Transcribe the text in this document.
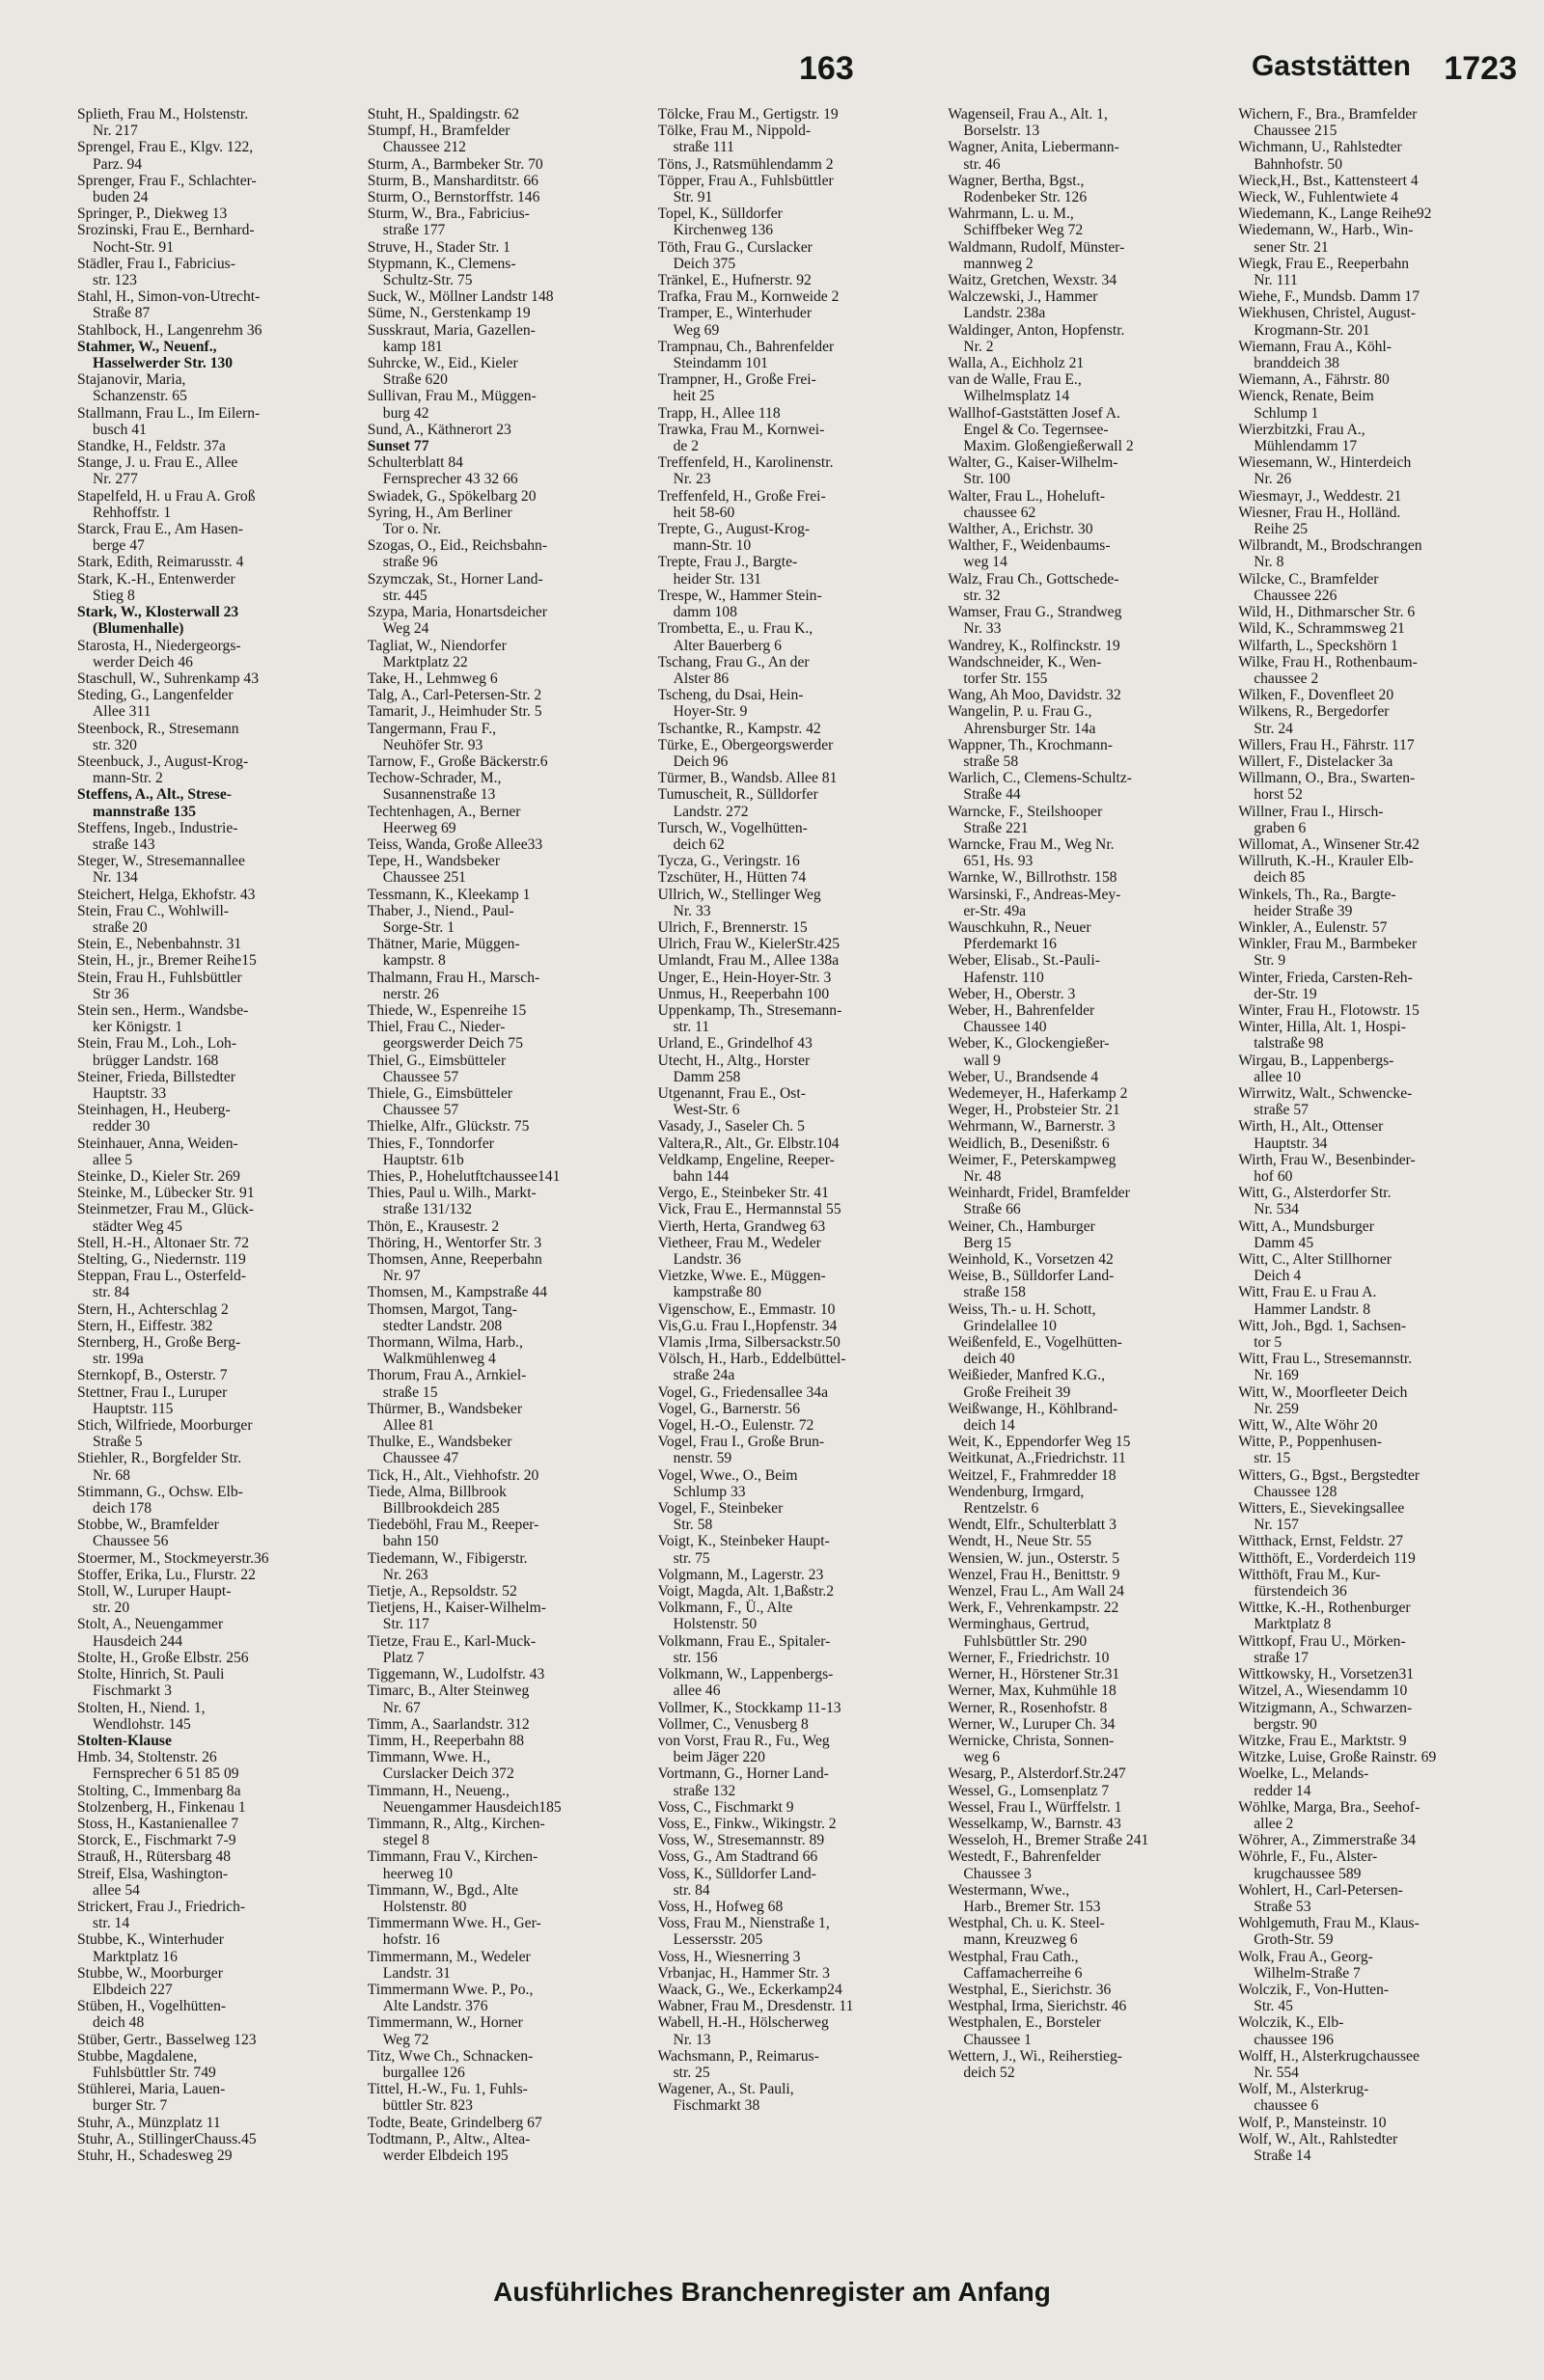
163	Gaststätten 1723
Splieth, Frau M., Holstenstr.
Nr. 217
Sprengel, Frau E., Klgv. 122,
Parz. 94
Sprenger, Frau F., Schlachter-
buden 24
Springer, P., Diekweg 13
Srozinski, Frau E., Bernhard-
Nocht-Str. 91
Städler, Frau I., Fabricius-
str. 123
Stahl, H., Simon-von-Utrecht-
Straße 87
Stahlbock, H., Langenrehm 36
Stahmer, W., Neuenf.,
Hasselwerder Str. 130
Stajanovir, Maria,
Schanzenstr. 65
Stallmann, Frau L., Im Eilern-
busch 41
Standke, H., Feldstr. 37a
Stange, J. u. Frau E., Allee
Nr. 277
Stapelfeld, H. u Frau A. Groß
Rehhoffstr. 1
Starck, Frau E., Am Hasen-
berge 47
Stark, Edith, Reimarusstr. 4
Stark, K.-H., Entenwerder
Stieg 8
Stark, W., Klosterwall 23
(Blumenhalle)
Starosta, H., Niedergeorgs-
werder Deich 46
Staschull, W., Suhrenkamp 43
Steding, G., Langenfelder
Allee 311
Steenbock, R., Stresemann
str. 320
Steenbuck, J., August-Krog-
mann-Str. 2
Steffens, A., Alt., Strese-
mannstraße 135
Steffens, Ingeb., Industrie-
straße 143
Steger, W., Stresemannallee
Nr. 134
Steichert, Helga, Ekhofstr. 43
Stein, Frau C., Wohlwill-
straße 20
Stein, E., Nebenbahnstr. 31
Stein, H., jr., Bremer Reihe15
Stein, Frau H., Fuhlsbüttler
Str 36
Stein sen., Herm., Wandsbe-
ker Königstr. 1
Stein, Frau M., Loh., Loh-
brügger Landstr. 168
Steiner, Frieda, Billstedter
Hauptstr. 33
Steinhagen, H., Heuberg-
redder 30
Steinhauer, Anna, Weiden-
allee 5
Steinke, D., Kieler Str. 269
Steinke, M., Lübecker Str. 91
Steinmetzer, Frau M., Glück-
städter Weg 45
Stell, H.-H., Altonaer Str. 72
Stelting, G., Niedernstr. 119
Steppan, Frau L., Osterfeld-
str. 84
Stern, H., Achterschlag 2
Stern, H., Eiffestr. 382
Sternberg, H., Große Berg-
str. 199a
Sternkopf, B., Osterstr. 7
Stettner, Frau I., Luruper
Hauptstr. 115
Stich, Wilfriede, Moorburger
Straße 5
Stiehler, R., Borgfelder Str.
Nr. 68
Stimmann, G., Ochsw. Elb-
deich 178
Stobbe, W., Bramfelder
Chaussee 56
Stoermer, M., Stockmeyerstr.36
Stoffer, Erika, Lu., Flurstr. 22
Stoll, W., Luruper Haupt-
str. 20
Stolt, A., Neuengammer
Hausdeich 244
Stolte, H., Große Elbstr. 256
Stolte, Hinrich, St. Pauli
Fischmarkt 3
Stolten, H., Niend. 1,
Wendlohstr. 145
Stolten-Klause
Hmb. 34, Stoltenstr. 26
Fernsprecher 6 51 85 09
Stolting, C., Immenbarg 8a
Stolzenberg, H., Finkenau 1
Stoss, H., Kastanienallee 7
Storck, E., Fischmarkt 7-9
Strauß, H., Rütersbarg 48
Streif, Elsa, Washington-
allee 54
Strickert, Frau J., Friedrich-
str. 14
Stubbe, K., Winterhuder
Marktplatz 16
Stubbe, W., Moorburger
Elbdeich 227
Stüben, H., Vogelhütten-
deich 48
Stüber, Gertr., Basselweg 123
Stubbe, Magdalene,
Fuhlsbüttler Str. 749
Stühlerei, Maria, Lauen-
burger Str. 7
Stuhr, A., Münzplatz 11
Stuhr, A., StillingerChauss.45
Stuhr, H., Schadesweg 29
Stuht, H., Spaldingstr. 62
Stumpf, H., Bramfelder
Chaussee 212
Sturm, A., Barmbeker Str. 70
Sturm, B., Mansharditstr. 66
Sturm, O., Bernstorffstr. 146
Sturm, W., Bra., Fabricius-
straße 177
Struve, H., Stader Str. 1
Stypmann, K., Clemens-
Schultz-Str. 75
Suck, W., Möllner Landstr 148
Süme, N., Gerstenkamp 19
Susskraut, Maria, Gazellen-
kamp 181
Suhrcke, W., Eid., Kieler
Straße 620
Sullivan, Frau M., Müggen-
burg 42
Sund, A., Käthnerort 23
Sunset 77
Schulterblatt 84
Fernsprecher 43 32 66
Swiadek, G., Spökelbarg 20
Syring, H., Am Berliner
Tor o. Nr.
Szogas, O., Eid., Reichsbahn-
straße 96
Szymczak, St., Horner Land-
str. 445
Szypa, Maria, Honartsdeicher
Weg 24
Tagliat, W., Niendorfer
Marktplatz 22
Take, H., Lehmweg 6
Talg, A., Carl-Petersen-Str. 2
Tamarit, J., Heimhuder Str. 5
Tangermann, Frau F.,
Neuhöfer Str. 93
Tarnow, F., Große Bäckerstr.6
Techow-Schrader, M.,
Susannenstraße 13
Techtenhagen, A., Berner
Heerweg 69
Teiss, Wanda, Große Allee33
Tepe, H., Wandsbeker
Chaussee 251
Tessmann, K., Kleekamp 1
Thaber, J., Niend., Paul-
Sorge-Str. 1
Thätner, Marie, Müggen-
kampstr. 8
Thalmann, Frau H., Marsch-
nerstr. 26
Thiede, W., Espenreihe 15
Thiel, Frau C., Nieder-
georgswerder Deich 75
Thiel, G., Eimsbütteler
Chaussee 57
Thiele, G., Eimsbütteler
Chaussee 57
Thielke, Alfr., Glückstr. 75
Thies, F., Tonndorfer
Hauptstr. 61b
Thies, P., Hohelutftchaussee141
Thies, Paul u. Wilh., Markt-
straße 131/132
Thön, E., Krausestr. 2
Thöring, H., Wentorfer Str. 3
Thomsen, Anne, Reeperbahn
Nr. 97
Thomsen, M., Kampstraße 44
Thomsen, Margot, Tang-
stedter Landstr. 208
Thormann, Wilma, Harb.,
Walkmühlenweg 4
Thorum, Frau A., Arnkiel-
straße 15
Thürmer, B., Wandsbeker
Allee 81
Thulke, E., Wandsbeker
Chaussee 47
Tick, H., Alt., Viehhofstr. 20
Tiede, Alma, Billbrook
Billbrookdeich 285
Tiedeböhl, Frau M., Reeper-
bahn 150
Tiedemann, W., Fibigerstr.
Nr. 263
Tietje, A., Repsoldstr. 52
Tietjens, H., Kaiser-Wilhelm-
Str. 117
Tietze, Frau E., Karl-Muck-
Platz 7
Tiggemann, W., Ludolfstr. 43
Timarc, B., Alter Steinweg
Nr. 67
Timm, A., Saarlandstr. 312
Timm, H., Reeperbahn 88
Timmann, Wwe. H.,
Curslacker Deich 372
Timmann, H., Neueng.,
Neuengammer Hausdeich185
Timmann, R., Altg., Kirchen-
stegel 8
Timmann, Frau V., Kirchen-
heerweg 10
Timmann, W., Bgd., Alte
Holstenstr. 80
Timmermann Wwe. H., Ger-
hofstr. 16
Timmermann, M., Wedeler
Landstr. 31
Timmermann Wwe. P., Po.,
Alte Landstr. 376
Timmermann, W., Horner
Weg 72
Titz, Wwe Ch., Schnacken-
burgallee 126
Tittel, H.-W., Fu. 1, Fuhls-
büttler Str. 823
Todte, Beate, Grindelberg 67
Todtmann, P., Altw., Altea-
werder Elbdeich 195
Tölcke, Frau M., Gertigstr. 19
Tölke, Frau M., Nippold-
straße 111
Töns, J., Ratsmühlendamm 2
Töpper, Frau A., Fuhlsbüttler
Str. 91
Topel, K., Sülldorfer
Kirchenweg 136
Töth, Frau G., Curslacker
Deich 375
Tränkel, E., Hufnerstr. 92
Trafka, Frau M., Kornweide 2
Tramper, E., Winterhuder
Weg 69
Trampnau, Ch., Bahrenfelder
Steindamm 101
Trampner, H., Große Frei-
heit 25
Trapp, H., Allee 118
Trawka, Frau M., Kornwei-
de 2
Treffenfeld, H., Karolinenstr.
Nr. 23
Treffenfeld, H., Große Frei-
heit 58-60
Trepte, G., August-Krog-
mann-Str. 10
Trepte, Frau J., Bargte-
heider Str. 131
Trespe, W., Hammer Stein-
damm 108
Trombetta, E., u. Frau K.,
Alter Bauerberg 6
Tschang, Frau G., An der
Alster 86
Tscheng, du Dsai, Hein-
Hoyer-Str. 9
Tschantke, R., Kampstr. 42
Türke, E., Obergeorgswerder
Deich 96
Türmer, B., Wandsb. Allee 81
Tumuscheit, R., Sülldorfer
Landstr. 272
Tursch, W., Vogelhütten-
deich 62
Tycza, G., Veringstr. 16
Tzschüter, H., Hütten 74
Ullrich, W., Stellinger Weg
Nr. 33
Ulrich, F., Brennerstr. 15
Ulrich, Frau W., KielerStr.425
Umlandt, Frau M., Allee 138a
Unger, E., Hein-Hoyer-Str. 3
Unmus, H., Reeperbahn 100
Uppenkamp, Th., Stresemann-
str. 11
Urland, E., Grindelhof 43
Utecht, H., Altg., Horster
Damm 258
Utgenannt, Frau E., Ost-
West-Str. 6
Vasady, J., Saseler Ch. 5
Valtera,R., Alt., Gr. Elbstr.104
Veldkamp, Engeline, Reeper-
bahn 144
Vergo, E., Steinbeker Str. 41
Vick, Frau E., Hermannstal 55
Vierth, Herta, Grandweg 63
Vietheer, Frau M., Wedeler
Landstr. 36
Vietzke, Wwe. E., Müggen-
kampstraße 80
Vigenschow, E., Emmastr. 10
Vis,G.u. Frau I.,Hopfenstr. 34
Vlamis ,Irma, Silbersackstr.50
Völsch, H., Harb., Eddelbüttel-
straße 24a
Vogel, G., Friedensallee 34a
Vogel, G., Barnerstr. 56
Vogel, H.-O., Eulenstr. 72
Vogel, Frau I., Große Brun-
nenstr. 59
Vogel, Wwe., O., Beim
Schlump 33
Vogel, F., Steinbeker
Str. 58
Voigt, K., Steinbeker Haupt-
str. 75
Volgmann, M., Lagerstr. 23
Voigt, Magda, Alt. 1,Baßstr.2
Volkmann, F., Ü., Alte
Holstenstr. 50
Volkmann, Frau E., Spitaler-
str. 156
Volkmann, W., Lappenbergs-
allee 46
Vollmer, K., Stockkamp 11-13
Vollmer, C., Venusberg 8
von Vorst, Frau R., Fu., Weg
beim Jäger 220
Vortmann, G., Horner Land-
straße 132
Voss, C., Fischmarkt 9
Voss, E., Finkw., Wikingstr. 2
Voss, W., Stresemannstr. 89
Voss, G., Am Stadtrand 66
Voss, K., Sülldorfer Land-
str. 84
Voss, H., Hofweg 68
Voss, Frau M., Nienstraße 1,
Lessersstr. 205
Voss, H., Wiesnerring 3
Vrbanjac, H., Hammer Str. 3
Waack, G., We., Eckerkamp24
Wabner, Frau M., Dresdenstr. 11
Wabell, H.-H., Hölscherweg
Nr. 13
Wachsmann, P., Reimarus-
str. 25
Wagener, A., St. Pauli,
Fischmarkt 38
Wagenseil, Frau A., Alt. 1,
Borselstr. 13
Wagner, Anita, Liebermann-
str. 46
Wagner, Bertha, Bgst.,
Rodenbeker Str. 126
Wahrmann, L. u. M.,
Schiffbeker Weg 72
Waldmann, Rudolf, Münster-
mannweg 2
Waitz, Gretchen, Wexstr. 34
Walczewski, J., Hammer
Landstr. 238a
Waldinger, Anton, Hopfenstr.
Nr. 2
Walla, A., Eichholz 21
van de Walle, Frau E.,
Wilhelmsplatz 14
Wallhof-Gaststätten Josef A.
Engel & Co. Tegernsee-
Maxim. Gloßengießerwall 2
Walter, G., Kaiser-Wilhelm-
Str. 100
Walter, Frau L., Hoheluft-
chaussee 62
Walther, A., Erichstr. 30
Walther, F., Weidenbaums-
weg 14
Walz, Frau Ch., Gottschede-
str. 32
Wamser, Frau G., Strandweg
Nr. 33
Wandrey, K., Rolfinckstr. 19
Wandschneider, K., Wen-
torfer Str. 155
Wang, Ah Moo, Davidstr. 32
Wangelin, P. u. Frau G.,
Ahrensburger Str. 14a
Wappner, Th., Krochmann-
straße 58
Warlich, C., Clemens-Schultz-
Straße 44
Warncke, F., Steilshooper
Straße 221
Warncke, Frau M., Weg Nr.
651, Hs. 93
Warnke, W., Billrothstr. 158
Warsinski, F., Andreas-Mey-
er-Str. 49a
Wauschkuhn, R., Neuer
Pferdemarkt 16
Weber, Elisab., St.-Pauli-
Hafenstr. 110
Weber, H., Oberstr. 3
Weber, H., Bahrenfelder
Chaussee 140
Weber, K., Glockengießer-
wall 9
Weber, U., Brandsende 4
Wedemeyer, H., Haferkamp 2
Weger, H., Probsteier Str. 21
Wehrmann, W., Barnerstr. 3
Weidlich, B., Desenißstr. 6
Weimer, F., Peterskampweg
Nr. 48
Weinhardt, Fridel, Bramfelder
Straße 66
Weiner, Ch., Hamburger
Berg 15
Weinhold, K., Vorsetzen 42
Weise, B., Sülldorfer Land-
straße 158
Weiss, Th.- u. H. Schott,
Grindelallee 10
Weißenfeld, E., Vogelhütten-
deich 40
Weißieder, Manfred K.G.,
Große Freiheit 39
Weißwange, H., Köhlbrand-
deich 14
Weit, K., Eppendorfer Weg 15
Weitkunat, A.,Friedrichstr. 11
Weitzel, F., Frahmredder 18
Wendenburg, Irmgard,
Rentzelstr. 6
Wendt, Elfr., Schulterblatt 3
Wendt, H., Neue Str. 55
Wensien, W. jun., Osterstr. 5
Wenzel, Frau H., Benittstr. 9
Wenzel, Frau L., Am Wall 24
Werk, F., Vehrenkampstr. 22
Werminghaus, Gertrud,
Fuhlsbüttler Str. 290
Werner, F., Friedrichstr. 10
Werner, H., Hörstener Str.31
Werner, Max, Kuhmühle 18
Werner, R., Rosenhofstr. 8
Werner, W., Luruper Ch. 34
Wernicke, Christa, Sonnen-
weg 6
Wesarg, P., Alsterdorf.Str.247
Wessel, G., Lomsenplatz 7
Wessel, Frau I., Würffelstr. 1
Wesselkamp, W., Barnstr. 43
Wesseloh, H., Bremer Straße 241
Westedt, F., Bahrenfelder
Chaussee 3
Westermann, Wwe.,
Harb., Bremer Str. 153
Westphal, Ch. u. K. Steel-
mann, Kreuzweg 6
Westphal, Frau Cath.,
Caffamacherreihe 6
Westphal, E., Sierichstr. 36
Westphal, Irma, Sierichstr. 46
Westphalen, E., Borsteler
Chaussee 1
Wettern, J., Wi., Reiherstieg-
deich 52
Wichern, F., Bra., Bramfelder
Chaussee 215
Wichmann, U., Rahlstedter
Bahnhofstr. 50
Wieck,H., Bst., Kattensteert 4
Wieck, W., Fuhlentwiete 4
Wiedemann, K., Lange Reihe92
Wiedemann, W., Harb., Win-
sener Str. 21
Wiegk, Frau E., Reeperbahn
Nr. 111
Wiehe, F., Mundsb. Damm 17
Wiekhusen, Christel, August-
Krogmann-Str. 201
Wiemann, Frau A., Köhl-
branddeich 38
Wiemann, A., Fährstr. 80
Wienck, Renate, Beim
Schlump 1
Wierzbitzki, Frau A.,
Mühlendamm 17
Wiesemann, W., Hinterdeich
Nr. 26
Wiesmayr, J., Weddestr. 21
Wiesner, Frau H., Holländ.
Reihe 25
Wilbrandt, M., Brodschrangen
Nr. 8
Wilcke, C., Bramfelder
Chaussee 226
Wild, H., Dithmarscher Str. 6
Wild, K., Schrammsweg 21
Wilfarth, L., Speckshörn 1
Wilke, Frau H., Rothenbaum-
chaussee 2
Wilken, F., Dovenfleet 20
Wilkens, R., Bergedorfer
Str. 24
Willers, Frau H., Fährstr. 117
Willert, F., Distelacker 3a
Willmann, O., Bra., Swarten-
horst 52
Willner, Frau I., Hirsch-
graben 6
Willomat, A., Winsener Str.42
Willruth, K.-H., Krauler Elb-
deich 85
Winkels, Th., Ra., Bargte-
heider Straße 39
Winkler, A., Eulenstr. 57
Winkler, Frau M., Barmbeker
Str. 9
Winter, Frieda, Carsten-Reh-
der-Str. 19
Winter, Frau H., Flotowstr. 15
Winter, Hilla, Alt. 1, Hospi-
talstraße 98
Wirgau, B., Lappenbergs-
allee 10
Wirrwitz, Walt., Schwencke-
straße 57
Wirth, H., Alt., Ottenser
Hauptstr. 34
Wirth, Frau W., Besenbinder-
hof 60
Witt, G., Alsterdorfer Str.
Nr. 534
Witt, A., Mundsburger
Damm 45
Witt, C., Alter Stillhorner
Deich 4
Witt, Frau E. u Frau A.
Hammer Landstr. 8
Witt, Joh., Bgd. 1, Sachsen-
tor 5
Witt, Frau L., Stresemannstr.
Nr. 169
Witt, W., Moorfleeter Deich
Nr. 259
Witt, W., Alte Wöhr 20
Witte, P., Poppenhusen-
str. 15
Witters, G., Bgst., Bergstedter
Chaussee 128
Witters, E., Sievekingsallee
Nr. 157
Witthack, Ernst, Feldstr. 27
Witthöft, E., Vorderdeich 119
Witthöft, Frau M., Kur-
fürstendeich 36
Wittke, K.-H., Rothenburger
Marktplatz 8
Wittkopf, Frau U., Mörken-
straße 17
Wittkowsky, H., Vorsetzen31
Witzel, A., Wiesendamm 10
Witzigmann, A., Schwarzen-
bergstr. 90
Witzke, Frau E., Marktstr. 9
Witzke, Luise, Große Rainstr. 69
Woelke, L., Melands-
redder 14
Wöhlke, Marga, Bra., Seehof-
allee 2
Wöhrer, A., Zimmerstraße 34
Wöhrle, F., Fu., Alster-
krugchaussee 589
Wohlert, H., Carl-Petersen-
Straße 53
Wohlgemuth, Frau M., Klaus-
Groth-Str. 59
Wolk, Frau A., Georg-
Wilhelm-Straße 7
Wolczik, F., Von-Hutten-
Str. 45
Wolczik, K., Elb-
chaussee 196
Wolff, H., Alsterkrugchaussee
Nr. 554
Wolf, M., Alsterkrug-
chaussee 6
Wolf, P., Mansteinstr. 10
Wolf, W., Alt., Rahlstedter
Straße 14
Ausführliches Branchenregister am Anfang
